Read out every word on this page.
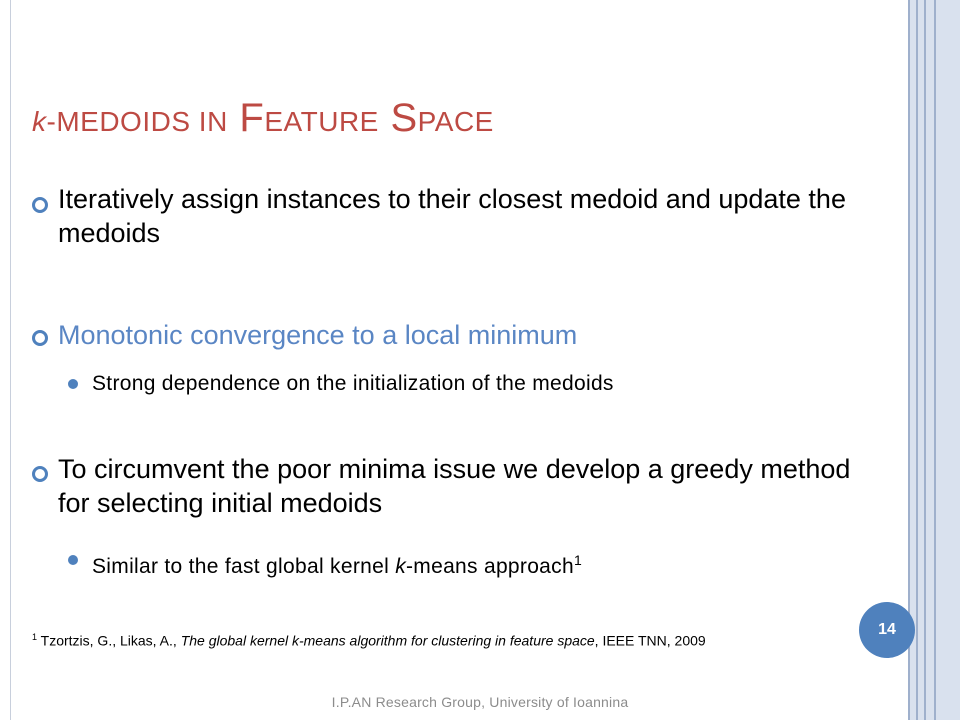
k-MEDOIDS IN FEATURE SPACE
Iteratively assign instances to their closest medoid and update the medoids
Monotonic convergence to a local minimum
Strong dependence on the initialization of the medoids
To circumvent the poor minima issue we develop a greedy method for selecting initial medoids
Similar to the fast global kernel k-means approach$^1$
$^1$ Tzortzis, G., Likas, A., The global kernel k-means algorithm for clustering in feature space, IEEE TNN, 2009
14
I.P.AN Research Group, University of Ioannina
